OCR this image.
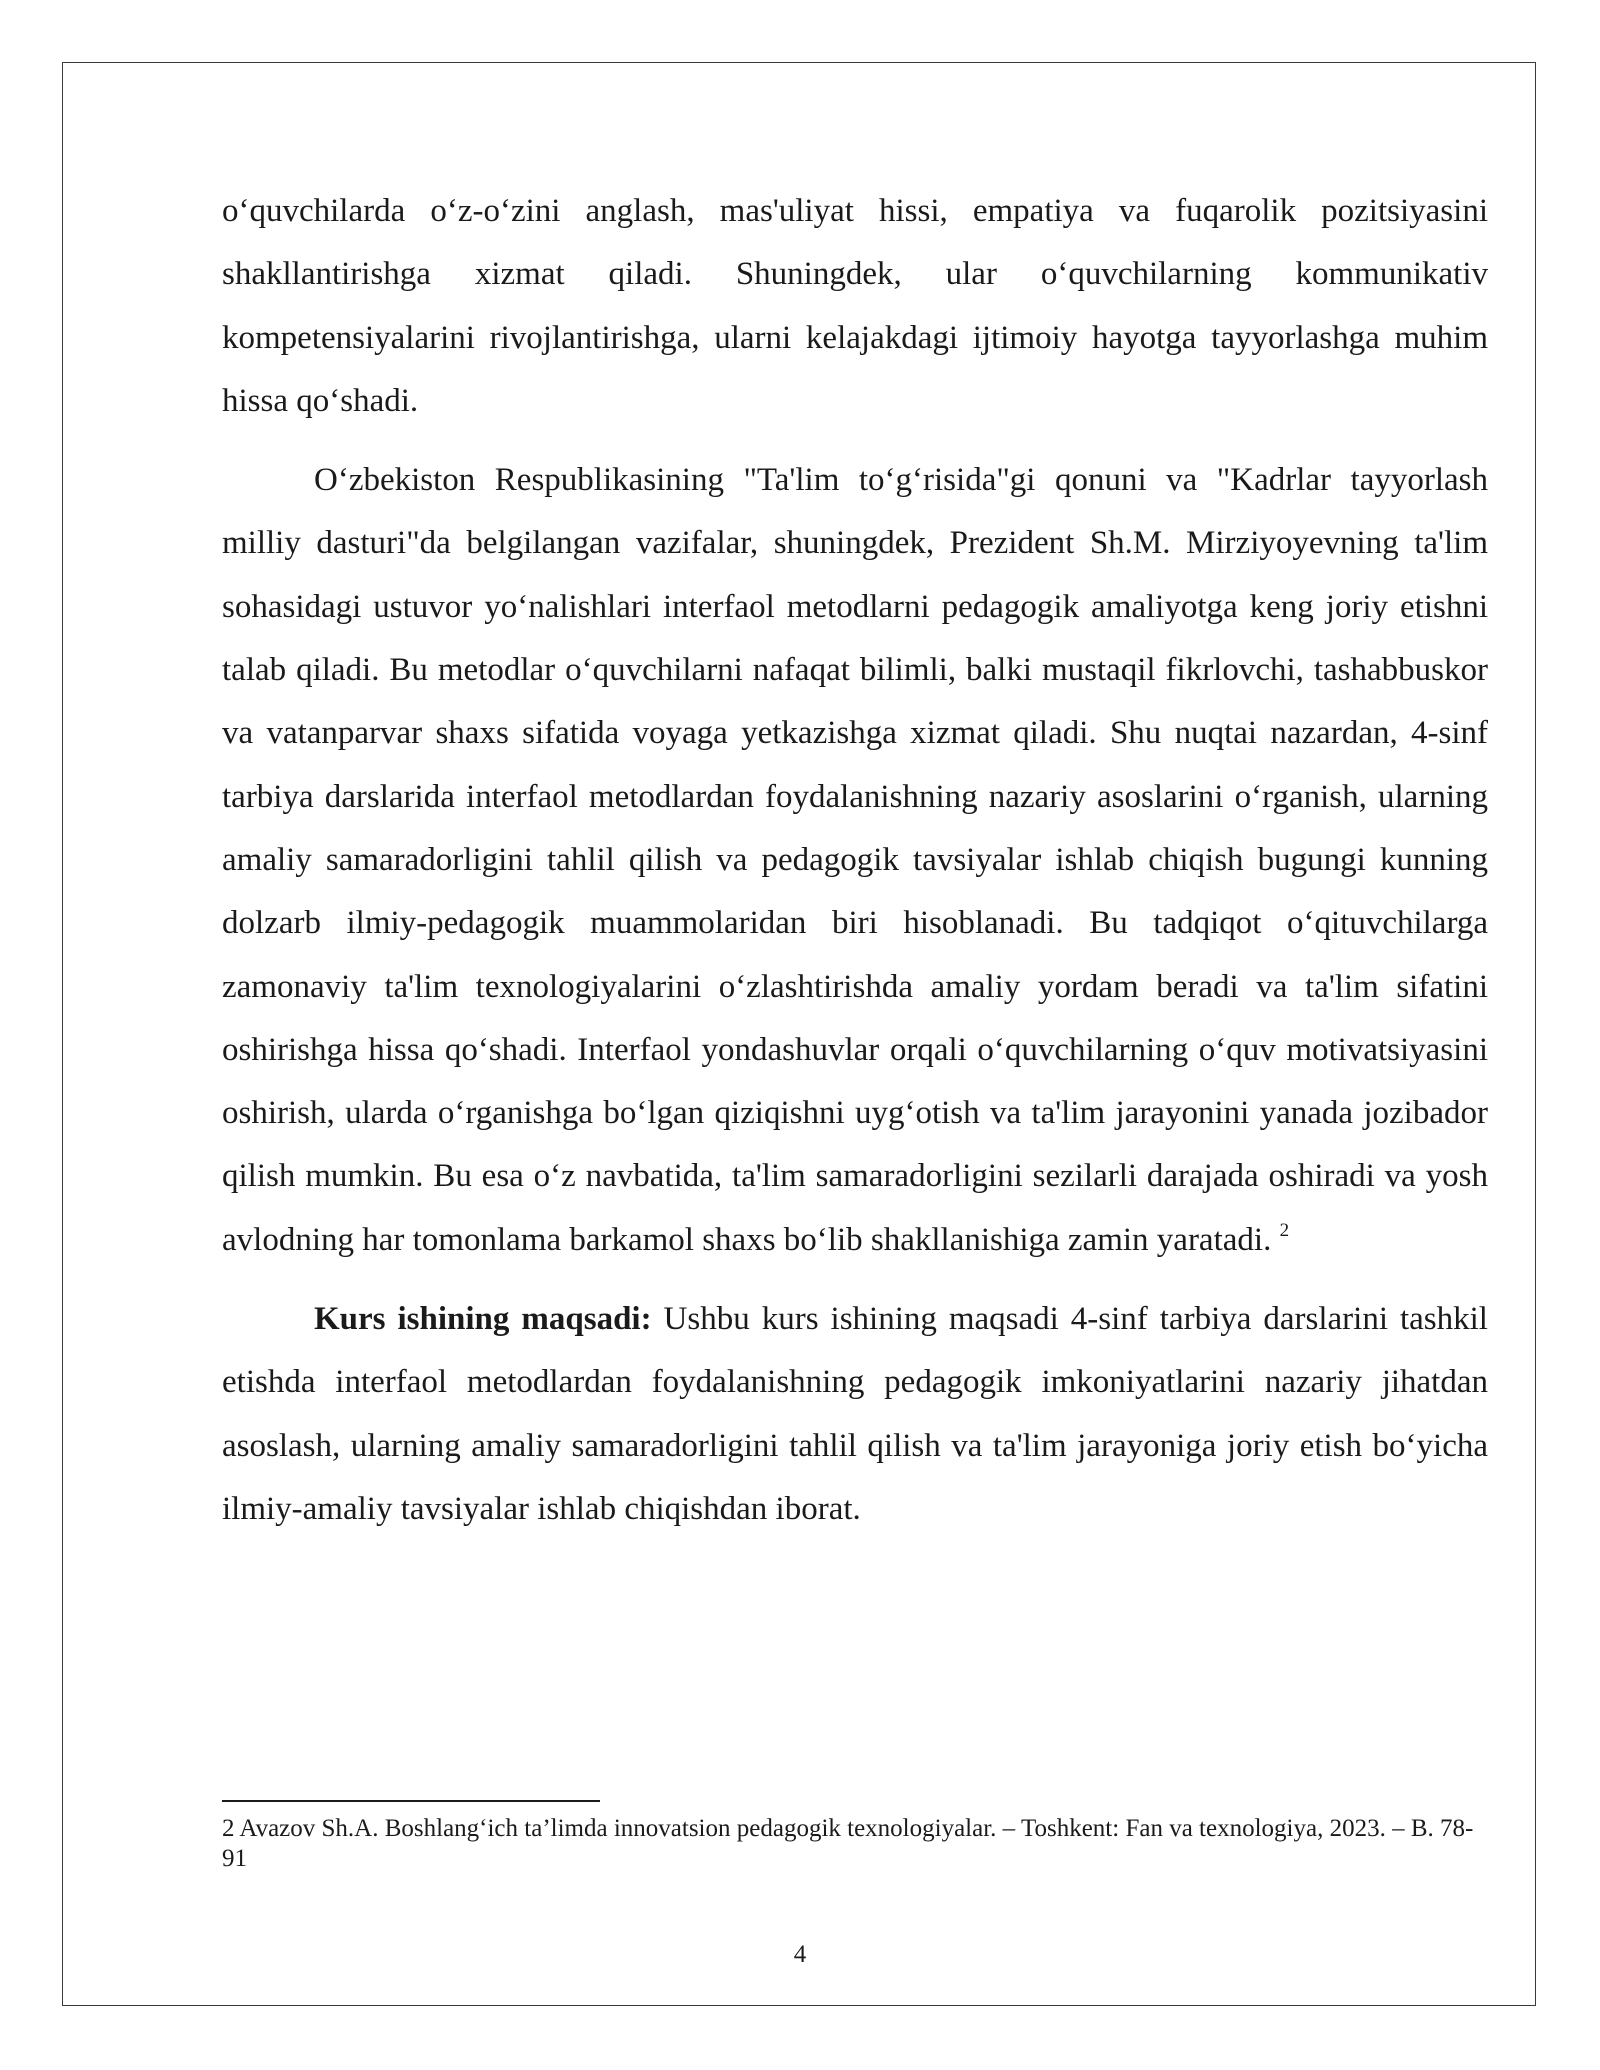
o‘quvchilarda o‘z-o‘zini anglash, mas'uliyat hissi, empatiya va fuqarolik pozitsiyasini shakllantirishga xizmat qiladi. Shuningdek, ular o‘quvchilarning kommunikativ kompetensiyalarini rivojlantirishga, ularni kelajakdagi ijtimoiy hayotga tayyorlashga muhim hissa qo‘shadi.

O‘zbekiston Respublikasining "Ta'lim to‘g‘risida"gi qonuni va "Kadrlar tayyorlash milliy dasturi"da belgilangan vazifalar, shuningdek, Prezident Sh.M. Mirziyoyevning ta'lim sohasidagi ustuvor yo‘nalishlari interfaol metodlarni pedagogik amaliyotga keng joriy etishni talab qiladi. Bu metodlar o‘quvchilarni nafaqat bilimli, balki mustaqil fikrlovchi, tashabbuskor va vatanparvar shaxs sifatida voyaga yetkazishga xizmat qiladi. Shu nuqtai nazardan, 4-sinf tarbiya darslarida interfaol metodlardan foydalanishning nazariy asoslarini o‘rganish, ularning amaliy samaradorligini tahlil qilish va pedagogik tavsiyalar ishlab chiqish bugungi kunning dolzarb ilmiy-pedagogik muammolaridan biri hisoblanadi. Bu tadqiqot o‘qituvchilarga zamonaviy ta'lim texnologiyalarini o‘zlashtirishda amaliy yordam beradi va ta'lim sifatini oshirishga hissa qo‘shadi. Interfaol yondashuvlar orqali o‘quvchilarning o‘quv motivatsiyasini oshirish, ularda o‘rganishga bo‘lgan qiziqishni uyg‘otish va ta'lim jarayonini yanada jozibador qilish mumkin. Bu esa o‘z navbatida, ta'lim samaradorligini sezilarli darajada oshiradi va yosh avlodning har tomonlama barkamol shaxs bo‘lib shakllanishiga zamin yaratadi. $^2$

Kurs ishining maqsadi: Ushbu kurs ishining maqsadi 4-sinf tarbiya darslarini tashkil etishda interfaol metodlardan foydalanishning pedagogik imkoniyatlarini nazariy jihatdan asoslash, ularning amaliy samaradorligini tahlil qilish va ta'lim jarayoniga joriy etish bo‘yicha ilmiy-amaliy tavsiyalar ishlab chiqishdan iborat.

2 Avazov Sh.A. Boshlang‘ich ta’limda innovatsion pedagogik texnologiyalar. – Toshkent: Fan va texnologiya, 2023. – B. 78-91

4
